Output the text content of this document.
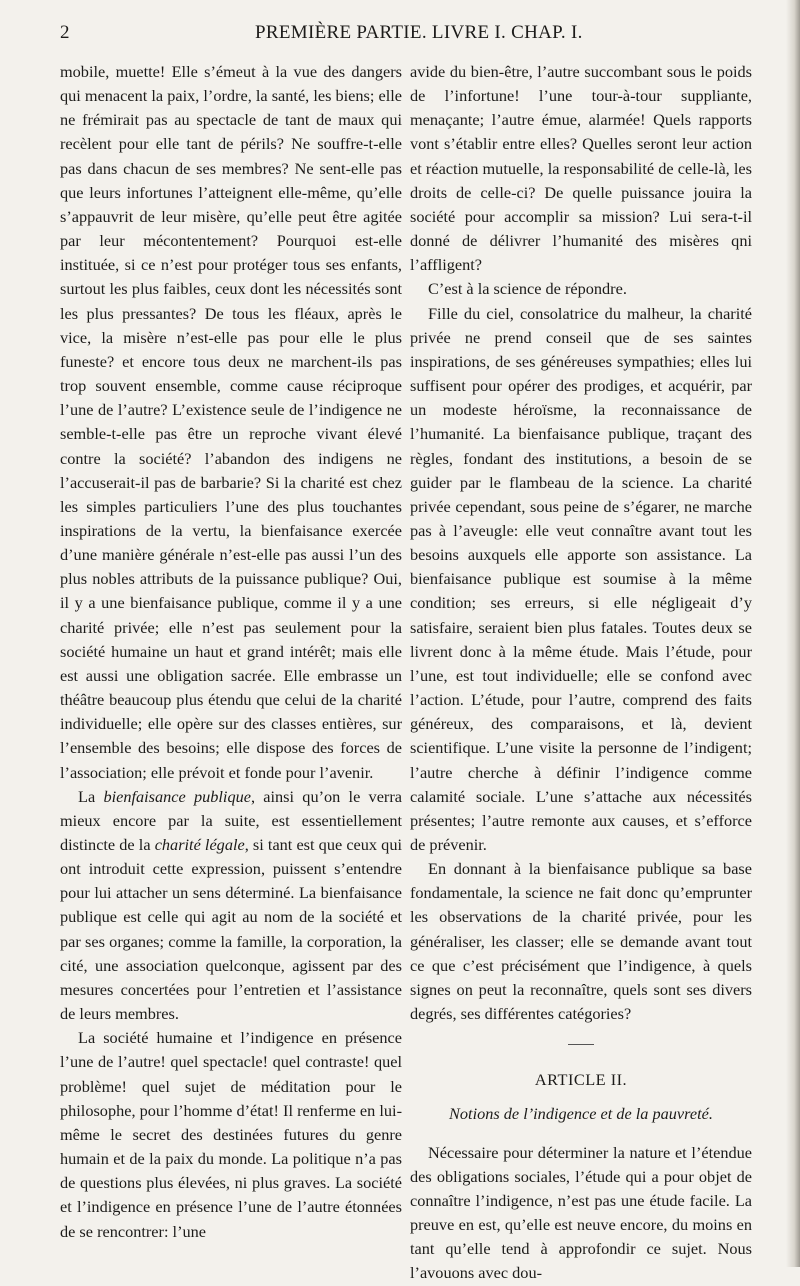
2	PREMIÈRE PARTIE. LIVRE I. CHAP. I.

mobile, muette! Elle s’émeut à la vue des dangers qui menacent la paix, l’ordre, la santé, les biens; elle ne frémirait pas au spectacle de tant de maux qui recèlent pour elle tant de périls? Ne souffre-t-elle pas dans chacun de ses membres? Ne sent-elle pas que leurs infortunes l’atteignent elle-même, qu’elle s’appauvrit de leur misère, qu’elle peut être agitée par leur mécontentement? Pourquoi est-elle instituée, si ce n’est pour protéger tous ses enfants, surtout les plus faibles, ceux dont les nécessités sont les plus pressantes? De tous les fléaux, après le vice, la misère n’est-elle pas pour elle le plus funeste? et encore tous deux ne marchent-ils pas trop souvent ensemble, comme cause réciproque l’une de l’autre? L’existence seule de l’indigence ne semble-t-elle pas être un reproche vivant élevé contre la société? l’abandon des indigens ne l’accuserait-il pas de barbarie? Si la charité est chez les simples particuliers l’une des plus touchantes inspirations de la vertu, la bienfaisance exercée d’une manière générale n’est-elle pas aussi l’un des plus nobles attributs de la puissance publique? Oui, il y a une bienfaisance publique, comme il y a une charité privée; elle n’est pas seulement pour la société humaine un haut et grand intérêt; mais elle est aussi une obligation sacrée. Elle embrasse un théâtre beaucoup plus étendu que celui de la charité individuelle; elle opère sur des classes entières, sur l’ensemble des besoins; elle dispose des forces de l’association; elle prévoit et fonde pour l’avenir.

La bienfaisance publique, ainsi qu’on le verra mieux encore par la suite, est essentiellement distincte de la charité légale, si tant est que ceux qui ont introduit cette expression, puissent s’entendre pour lui attacher un sens déterminé. La bienfaisance publique est celle qui agit au nom de la société et par ses organes; comme la famille, la corporation, la cité, une association quelconque, agissent par des mesures concertées pour l’entretien et l’assistance de leurs membres.

La société humaine et l’indigence en présence l’une de l’autre! quel spectacle! quel contraste! quel problème! quel sujet de méditation pour le philosophe, pour l’homme d’état! Il renferme en lui-même le secret des destinées futures du genre humain et de la paix du monde. La politique n’a pas de questions plus élevées, ni plus graves. La société et l’indigence en présence l’une de l’autre étonnées de se rencontrer: l’une

avide du bien-être, l’autre succombant sous le poids de l’infortune! l’une tour-à-tour suppliante, menaçante; l’autre émue, alarmée! Quels rapports vont s’établir entre elles? Quelles seront leur action et réaction mutuelle, la responsabilité de celle-là, les droits de celle-ci? De quelle puissance jouira la société pour accomplir sa mission? Lui sera-t-il donné de délivrer l’humanité des misères qni l’affligent?

C’est à la science de répondre.

Fille du ciel, consolatrice du malheur, la charité privée ne prend conseil que de ses saintes inspirations, de ses généreuses sympathies; elles lui suffisent pour opérer des prodiges, et acquérir, par un modeste héroïsme, la reconnaissance de l’humanité. La bienfaisance publique, traçant des règles, fondant des institutions, a besoin de se guider par le flambeau de la science. La charité privée cependant, sous peine de s’égarer, ne marche pas à l’aveugle: elle veut connaître avant tout les besoins auxquels elle apporte son assistance. La bienfaisance publique est soumise à la même condition; ses erreurs, si elle négligeait d’y satisfaire, seraient bien plus fatales. Toutes deux se livrent donc à la même étude. Mais l’étude, pour l’une, est tout individuelle; elle se confond avec l’action. L’étude, pour l’autre, comprend des faits généreux, des comparaisons, et là, devient scientifique. L’une visite la personne de l’indigent; l’autre cherche à définir l’indigence comme calamité sociale. L’une s’attache aux nécessités présentes; l’autre remonte aux causes, et s’efforce de prévenir.

En donnant à la bienfaisance publique sa base fondamentale, la science ne fait donc qu’emprunter les observations de la charité privée, pour les généraliser, les classer; elle se demande avant tout ce que c’est précisément que l’indigence, à quels signes on peut la reconnaître, quels sont ses divers degrés, ses différentes catégories?

ARTICLE II.
Notions de l’indigence et de la pauvreté.

Nécessaire pour déterminer la nature et l’étendue des obligations sociales, l’étude qui a pour objet de connaître l’indigence, n’est pas une étude facile. La preuve en est, qu’elle est neuve encore, du moins en tant qu’elle tend à approfondir ce sujet. Nous l’avouons avec dou-
